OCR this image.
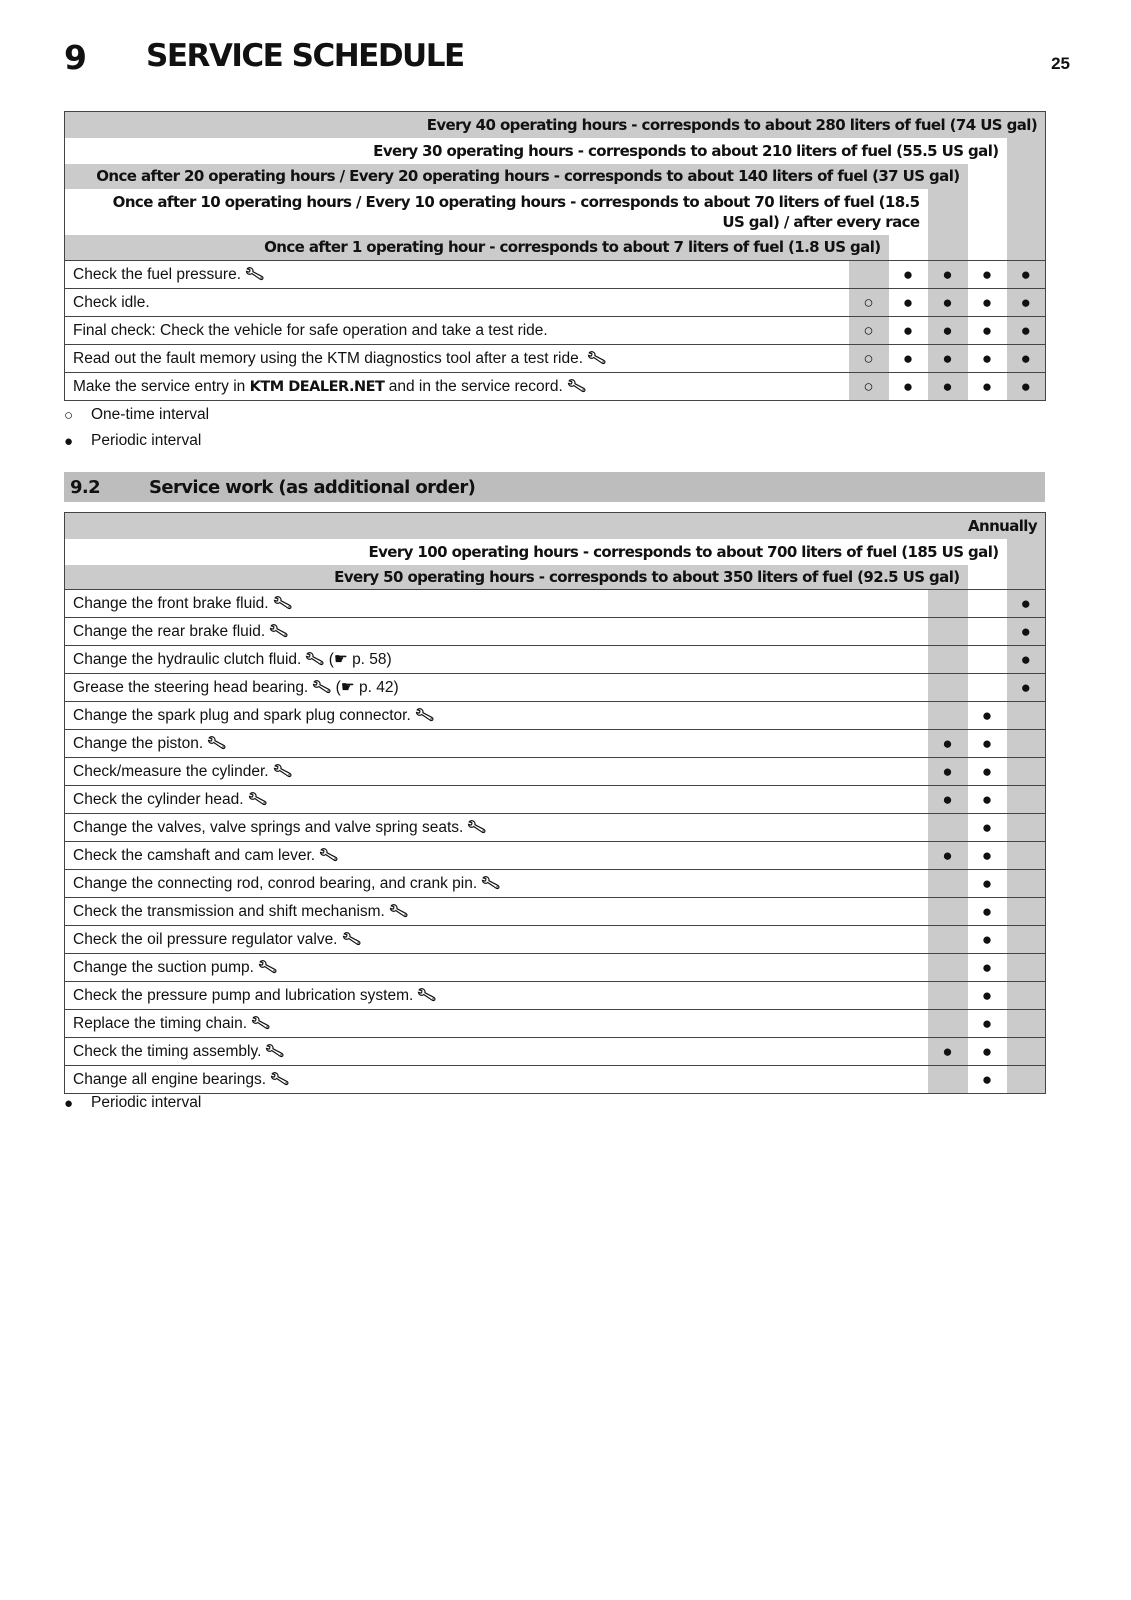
9 SERVICE SCHEDULE	25
Every 40 operating hours - corresponds to about 280 liters of fuel (74 US gal)					
Every 30 operating hours - corresponds to about 210 liters of fuel (55.5 US gal)					
Once after 20 operating hours / Every 20 operating hours - corresponds to about 140 liters of fuel (37 US gal)					
Once after 10 operating hours / Every 10 operating hours - corresponds to about 70 liters of fuel (18.5 US gal) / after every race					
Once after 1 operating hour - corresponds to about 7 liters of fuel (1.8 US gal)					
Check the fuel pressure. 🔧︎		●	●	●	●
Check idle.	○	●	●	●	●
Final check: Check the vehicle for safe operation and take a test ride.	○	●	●	●	●
Read out the fault memory using the KTM diagnostics tool after a test ride. 🔧︎	○	●	●	●	●
Make the service entry in KTM DEALER.NET and in the service record. 🔧︎	○	●	●	●	●
○	One-time interval
●	Periodic interval
9.2	Service work (as additional order)
Annually			
Every 100 operating hours - corresponds to about 700 liters of fuel (185 US gal)			
Every 50 operating hours - corresponds to about 350 liters of fuel (92.5 US gal)			
Change the front brake fluid. 🔧︎			●
Change the rear brake fluid. 🔧︎			●
Change the hydraulic clutch fluid. 🔧︎ (☛ p. 58)			●
Grease the steering head bearing. 🔧︎ (☛ p. 42)			●
Change the spark plug and spark plug connector. 🔧︎		●	
Change the piston. 🔧︎	●	●	
Check/measure the cylinder. 🔧︎	●	●	
Check the cylinder head. 🔧︎	●	●	
Change the valves, valve springs and valve spring seats. 🔧︎		●	
Check the camshaft and cam lever. 🔧︎	●	●	
Change the connecting rod, conrod bearing, and crank pin. 🔧︎		●	
Check the transmission and shift mechanism. 🔧︎		●	
Check the oil pressure regulator valve. 🔧︎		●	
Change the suction pump. 🔧︎		●	
Check the pressure pump and lubrication system. 🔧︎		●	
Replace the timing chain. 🔧︎		●	
Check the timing assembly. 🔧︎	●	●	
Change all engine bearings. 🔧︎		●	
●	Periodic interval
